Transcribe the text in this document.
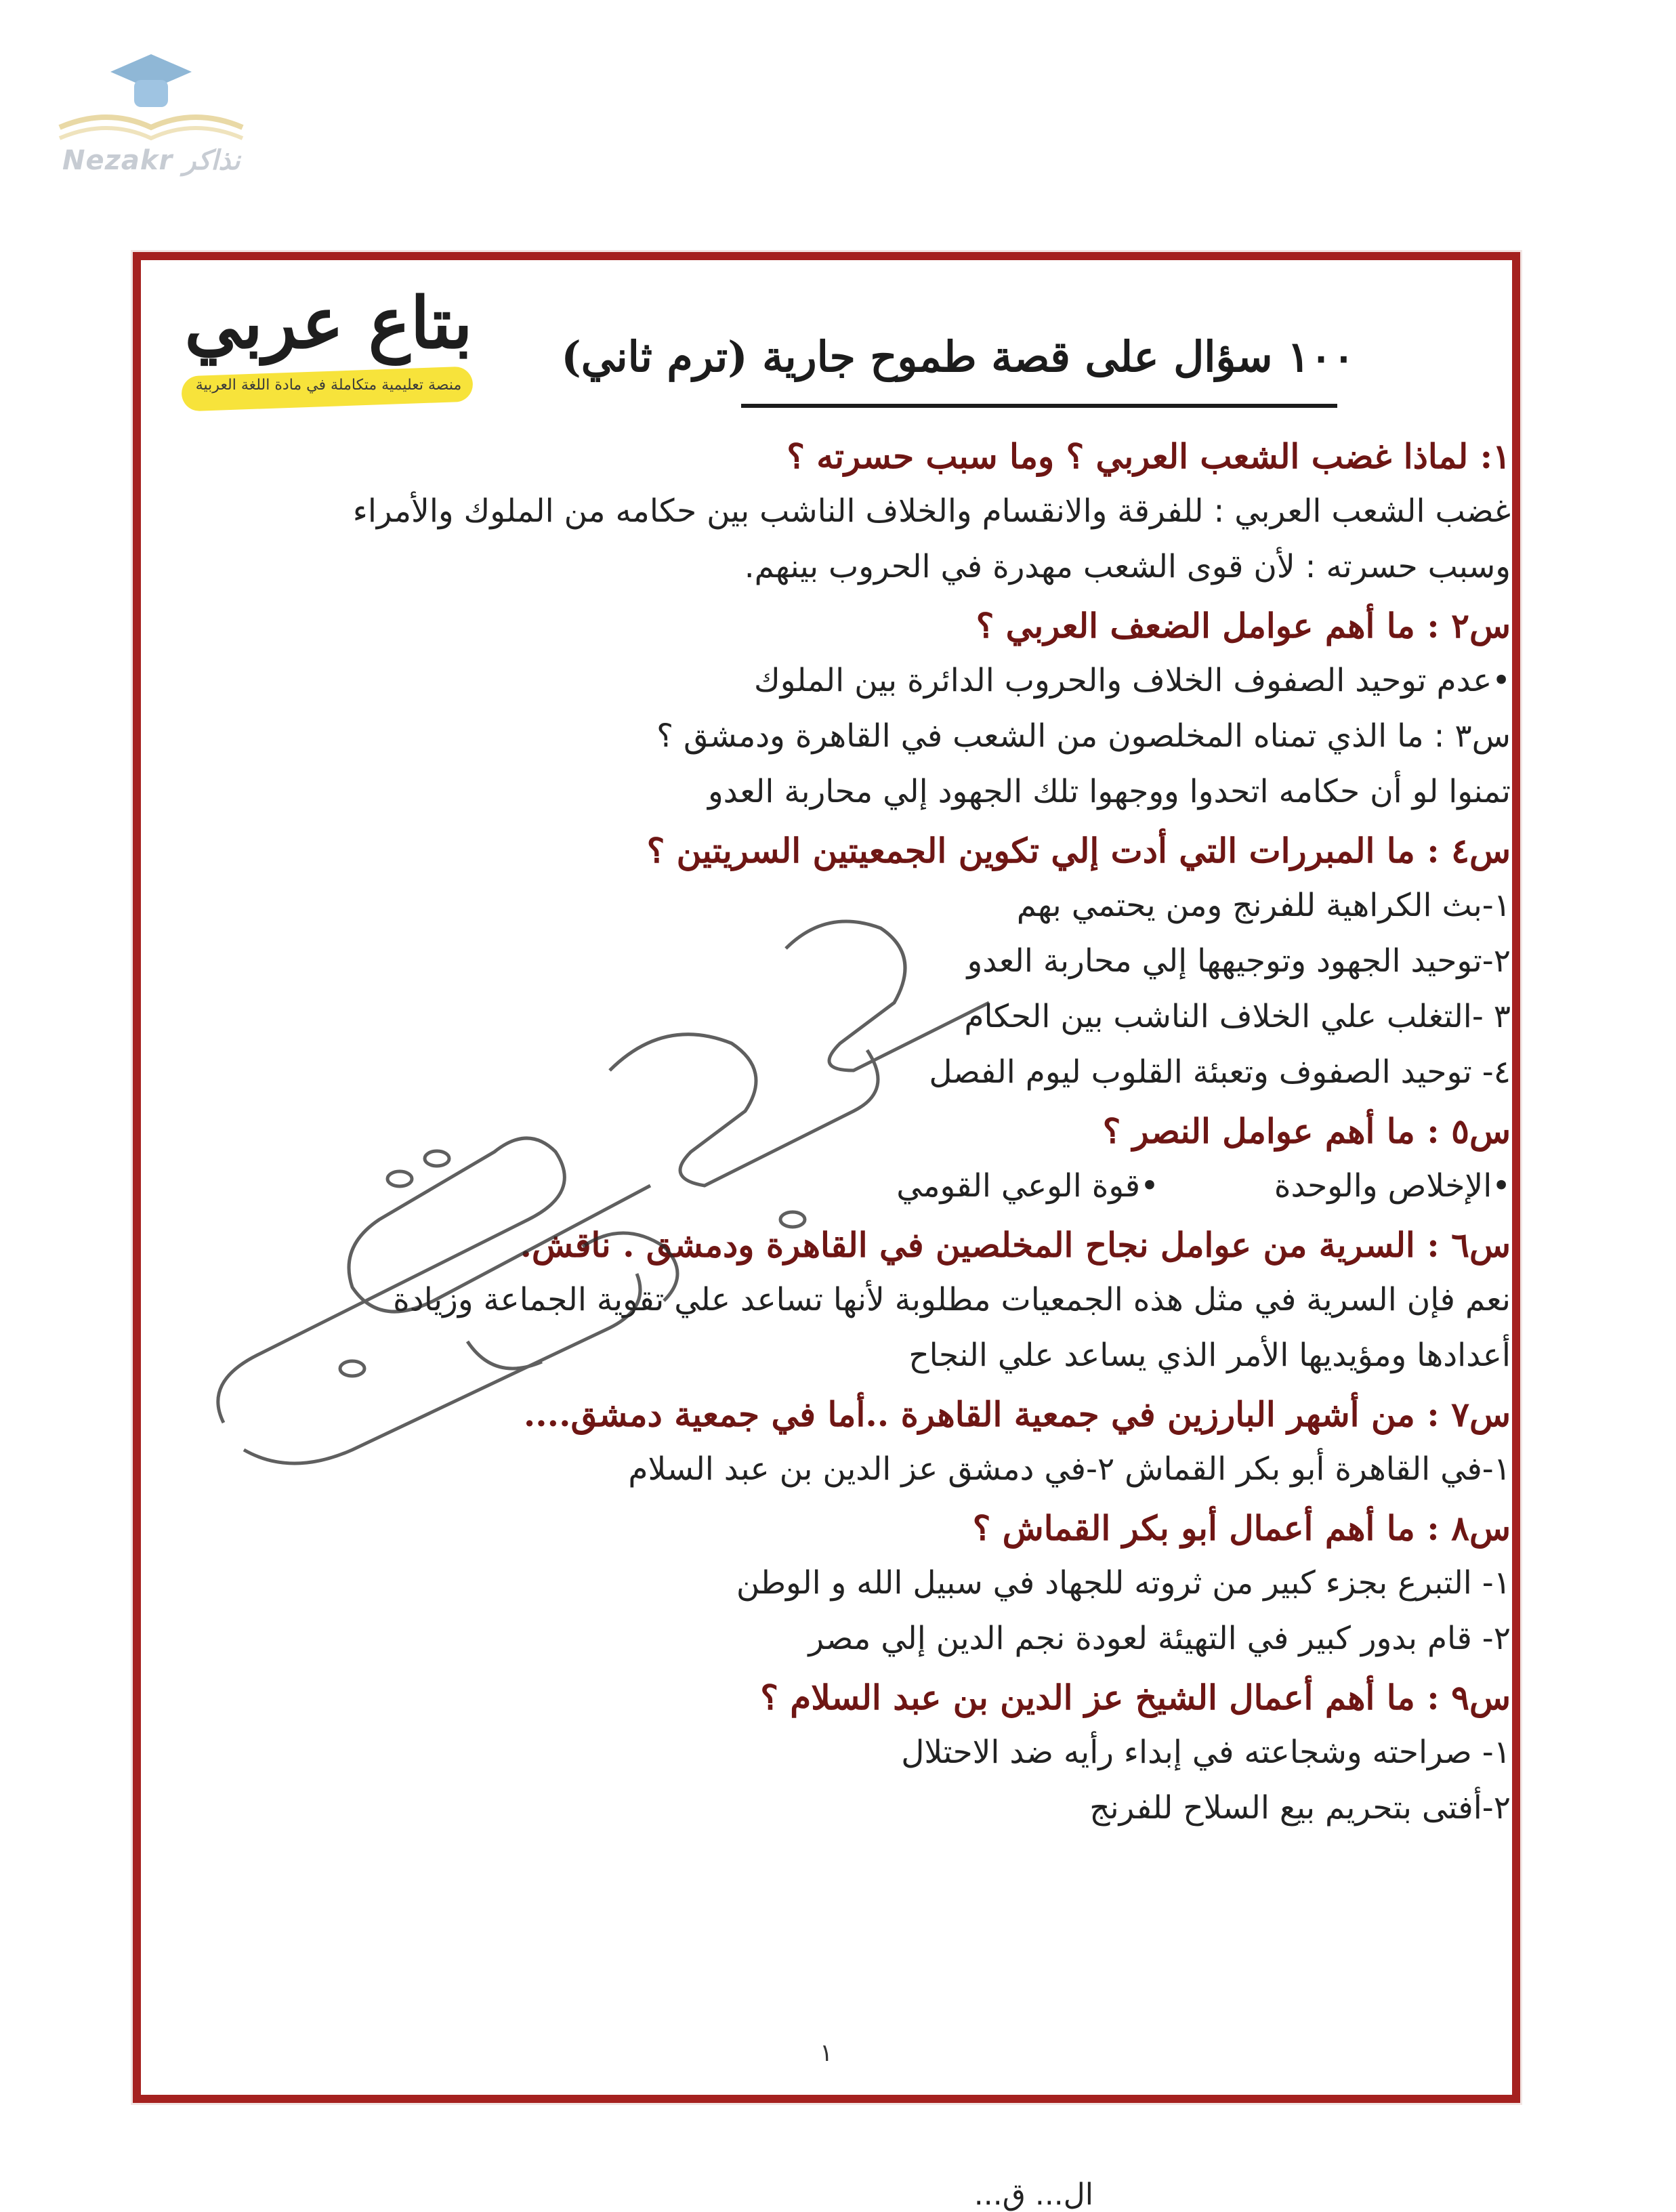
Nezakr نذاكر
بتاع عربي
منصة تعليمية متكاملة في مادة اللغة العربية
١٠٠ سؤال على قصة طموح جارية (ترم ثاني)
١: لماذا غضب الشعب العربي ؟ وما سبب حسرته ؟
غضب الشعب العربي : للفرقة والانقسام والخلاف الناشب بين حكامه من الملوك والأمراء
وسبب حسرته : لأن قوى الشعب مهدرة في الحروب بينهم.
س٢ : ما أهم عوامل الضعف العربي ؟
•عدم توحيد الصفوف الخلاف والحروب الدائرة بين الملوك
س٣ : ما الذي تمناه المخلصون من الشعب في القاهرة ودمشق ؟
تمنوا لو أن حكامه اتحدوا ووجهوا تلك الجهود إلي محاربة العدو
س٤ : ما المبررات التي أدت إلي تكوين الجمعيتين السريتين ؟
١-بث الكراهية للفرنج ومن يحتمي بهم
٢-توحيد الجهود وتوجيهها إلي محاربة العدو
٣ -التغلب علي الخلاف الناشب بين الحكام
٤- توحيد الصفوف وتعبئة القلوب ليوم الفصل
س٥ : ما أهم عوامل النصر ؟
•الإخلاص والوحدة•قوة الوعي القومي
س٦ : السرية من عوامل نجاح المخلصين في القاهرة ودمشق . ناقش.
نعم فإن السرية في مثل هذه الجمعيات مطلوبة لأنها تساعد علي تقوية الجماعة وزيادة
أعدادها ومؤيديها الأمر الذي يساعد علي النجاح
س٧ : من أشهر البارزين في جمعية القاهرة ..أما في جمعية دمشق....
١-في القاهرة أبو بكر القماش ٢-في دمشق عز الدين بن عبد السلام
س٨ : ما أهم أعمال أبو بكر القماش ؟
١- التبرع بجزء كبير من ثروته للجهاد في سبيل الله و الوطن
٢- قام بدور كبير في التهيئة لعودة نجم الدين إلي مصر
س٩ : ما أهم أعمال الشيخ عز الدين بن عبد السلام ؟
١- صراحته وشجاعته في إبداء رأيه ضد الاحتلال
٢-أفتى بتحريم بيع السلاح للفرنج
١
ال... ق...
